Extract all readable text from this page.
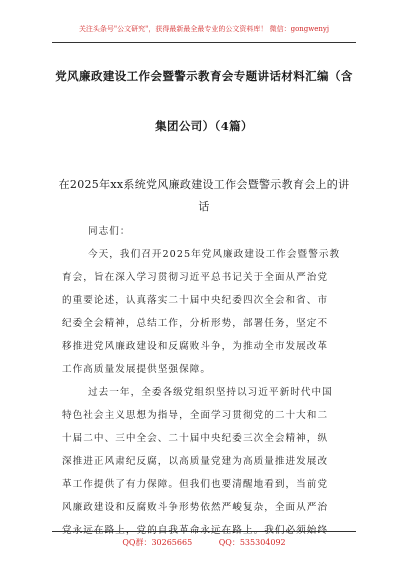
关注头条号"公文研究"，获得最新最全最专业的公文资料库！ 微信：gongwenyj
党风廉政建设工作会暨警示教育会专题讲话材料汇编（含
集团公司）（4篇）
在2025年xx系统党风廉政建设工作会暨警示教育会上的讲
话
同志们：
今天，我们召开2025年党风廉政建设工作会暨警示教
育会，旨在深入学习贯彻习近平总书记关于全面从严治党
的重要论述，认真落实二十届中央纪委四次全会和省、市
纪委全会精神，总结工作，分析形势，部署任务，坚定不
移推进党风廉政建设和反腐败斗争，为推动全市发展改革
工作高质量发展提供坚强保障。
过去一年，全委各级党组织坚持以习近平新时代中国
特色社会主义思想为指导，全面学习贯彻党的二十大和二
十届二中、三中全会、二十届中央纪委三次全会精神，纵
深推进正风肃纪反腐，以高质量党建为高质量推进发展改
革工作提供了有力保障。但我们也要清醒地看到，当前党
风廉政建设和反腐败斗争形势依然严峻复杂，全面从严治
党永远在路上，党的自我革命永远在路上。我们必须始终
QQ群：30265665	QQ：535304092
